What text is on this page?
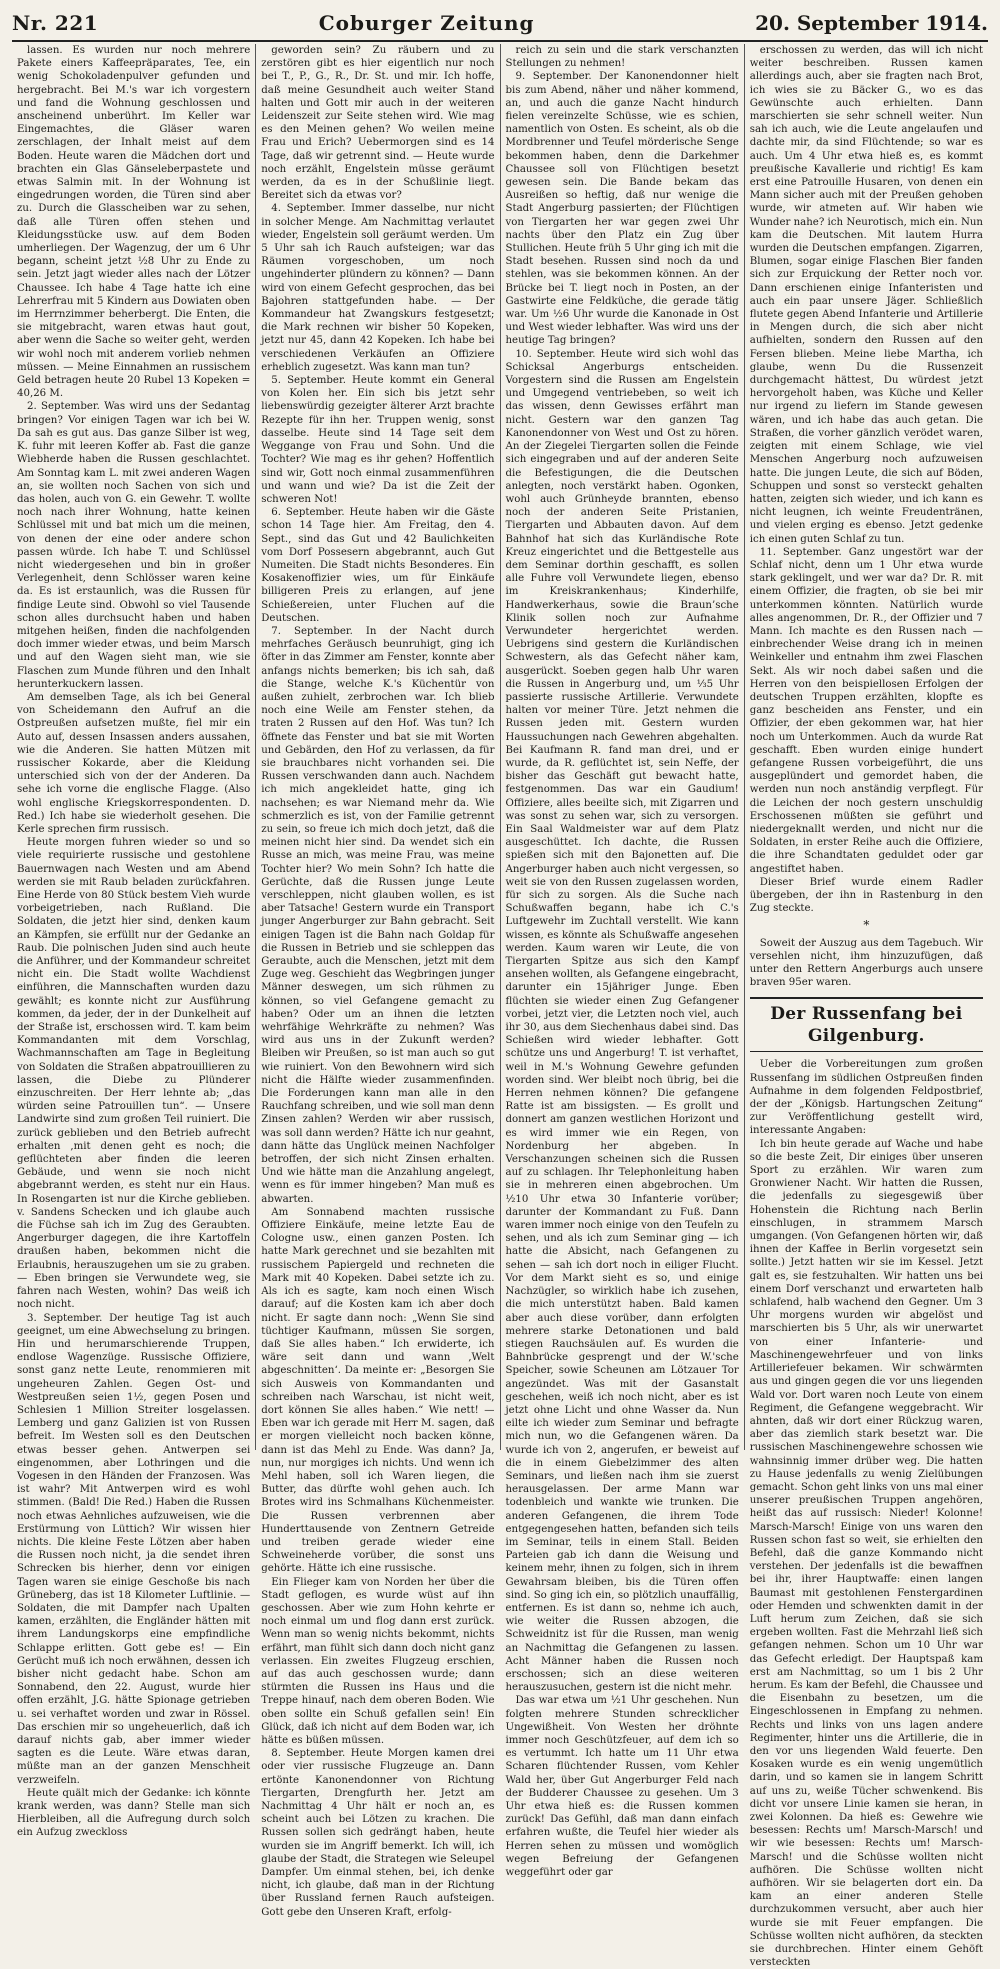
Nr. 221	Coburger Zeitung	20. September 1914.

lassen. Es wurden nur noch mehrere Pakete einers Kaffeepräparates, Tee, ein wenig Schokoladenpulver gefunden und hergebracht. Bei M.'s war ich vorgestern und fand die Wohnung geschlossen und anscheinend unberührt. Im Keller war Eingemachtes, die Gläser waren zerschlagen, der Inhalt meist auf dem Boden. Heute waren die Mädchen dort und brachten ein Glas Gänseleberpastete und etwas Salmin mit. In der Wohnung ist eingedrungen worden, die Türen sind aber zu. Durch die Glasscheiben war zu sehen, daß alle Türen offen stehen und Kleidungsstücke usw. auf dem Boden umherliegen. Der Wagenzug, der um 6 Uhr begann, scheint jetzt ½8 Uhr zu Ende zu sein. Jetzt jagt wieder alles nach der Lötzer Chaussee. Ich habe 4 Tage hatte ich eine Lehrerfrau mit 5 Kindern aus Dowiaten oben im Herrnzimmer beherbergt. Die Enten, die sie mitgebracht, waren etwas haut gout, aber wenn die Sache so weiter geht, werden wir wohl noch mit anderem vorlieb nehmen müssen. — Meine Einnahmen an russischem Geld betragen heute 20 Rubel 13 Kopeken = 40,26 M.

2. September. Was wird uns der Sedantag bringen? Vor einigen Tagen war ich bei W. Da sah es gut aus. Das ganze Silber ist weg, K. fuhr mit leeren Koffer ab. Fast die ganze Wiebherde haben die Russen geschlachtet. Am Sonntag kam L. mit zwei anderen Wagen an, sie wollten noch Sachen von sich und das holen, auch von G. ein Gewehr. T. wollte noch nach ihrer Wohnung, hatte keinen Schlüssel mit und bat mich um die meinen, von denen der eine oder andere schon passen würde. Ich habe T. und Schlüssel nicht wiedergesehen und bin in großer Verlegenheit, denn Schlösser waren keine da. Es ist erstaunlich, was die Russen für findige Leute sind. Obwohl so viel Tausende schon alles durchsucht haben und haben mitgehen heißen, finden die nachfolgenden doch immer wieder etwas, und beim Marsch und auf den Wagen sieht man, wie sie Flaschen zum Munde führen und den Inhalt herunterkuckern lassen.

Am demselben Tage, als ich bei General von Scheidemann den Aufruf an die Ostpreußen aufsetzen mußte, fiel mir ein Auto auf, dessen Insassen anders aussahen, wie die Anderen. Sie hatten Mützen mit russischer Kokarde, aber die Kleidung unterschied sich von der der Anderen. Da sehe ich vorne die englische Flagge. (Also wohl englische Kriegskorrespondenten. D. Red.) Ich habe sie wiederholt gesehen. Die Kerle sprechen firm russisch.

Heute morgen fuhren wieder so und so viele requirierte russische und gestohlene Bauernwagen nach Westen und am Abend werden sie mit Raub beladen zurückfahren. Eine Herde von 80 Stück bestem Vieh wurde vorbeigetrieben, nach Rußland. Die Soldaten, die jetzt hier sind, denken kaum an Kämpfen, sie erfüllt nur der Gedanke an Raub. Die polnischen Juden sind auch heute die Anführer, und der Kommandeur schreitet nicht ein. Die Stadt wollte Wachdienst einführen, die Mannschaften wurden dazu gewählt; es konnte nicht zur Ausführung kommen, da jeder, der in der Dunkelheit auf der Straße ist, erschossen wird. T. kam beim Kommandanten mit dem Vorschlag, Wachmannschaften am Tage in Begleitung von Soldaten die Straßen abpatrouillieren zu lassen, die Diebe zu Plünderer einzuschreiten. Der Herr lehnte ab; „das würden seine Patrouillen tun“. — Unsere Landwirte sind zum großen Teil ruiniert. Die zurück geblieben und den Betrieb aufrecht erhalten ,mit denen geht es noch; die geflüchteten aber finden die leeren Gebäude, und wenn sie noch nicht abgebrannt werden, es steht nur ein Haus. In Rosengarten ist nur die Kirche geblieben. v. Sandens Schecken und ich glaube auch die Füchse sah ich im Zug des Geraubten. Angerburger dagegen, die ihre Kartoffeln draußen haben, bekommen nicht die Erlaubnis, herauszugehen um sie zu graben. — Eben bringen sie Verwundete weg, sie fahren nach Westen, wohin? Das weiß ich noch nicht.

3. September. Der heutige Tag ist auch geeignet, um eine Abwechselung zu bringen. Hin und herumarschierende Truppen, endlose Wagenzüge. Russische Offiziere, sonst ganz nette Leute, renommieren mit ungeheuren Zahlen. Gegen Ost- und Westpreußen seien 1½, gegen Posen und Schlesien 1 Million Streiter losgelassen. Lemberg und ganz Galizien ist von Russen befreit. Im Westen soll es den Deutschen etwas besser gehen. Antwerpen sei eingenommen, aber Lothringen und die Vogesen in den Händen der Franzosen. Was ist wahr? Mit Antwerpen wird es wohl stimmen. (Bald! Die Red.) Haben die Russen noch etwas Aehnliches aufzuweisen, wie die Erstürmung von Lüttich? Wir wissen hier nichts. Die kleine Feste Lötzen aber haben die Russen noch nicht, ja die sendet ihren Schrecken bis hierher, denn vor einigen Tagen waren sie einige Geschoße bis nach Grüneberg, das ist 18 Kilometer Luftlinie. — Soldaten, die mit Dampfer nach Upalten kamen, erzählten, die Engländer hätten mit ihrem Landungskorps eine empfindliche Schlappe erlitten. Gott gebe es! — Ein Gerücht muß ich noch erwähnen, dessen ich bisher nicht gedacht habe. Schon am Sonnabend, den 22. August, wurde hier offen erzählt, J.G. hätte Spionage getrieben u. sei verhaftet worden und zwar in Rössel. Das erschien mir so ungeheuerlich, daß ich darauf nichts gab, aber immer wieder sagten es die Leute. Wäre etwas daran, müßte man an der ganzen Menschheit verzweifeln.

Heute quält mich der Gedanke: ich könnte krank werden, was dann? Stelle man sich Hierbleiben, all die Aufregung durch solch ein Aufzug zweckloss

geworden sein? Zu räubern und zu zerstören gibt es hier eigentlich nur noch bei T., P., G., R., Dr. St. und mir. Ich hoffe, daß meine Gesundheit auch weiter Stand halten und Gott mir auch in der weiteren Leidenszeit zur Seite stehen wird. Wie mag es den Meinen gehen? Wo weilen meine Frau und Erich? Uebermorgen sind es 14 Tage, daß wir getrennt sind. — Heute wurde noch erzählt, Engelstein müsse geräumt werden, da es in der Schußlinie liegt. Bereitet sich da etwas vor?

4. September. Immer dasselbe, nur nicht in solcher Menge. Am Nachmittag verlautet wieder, Engelstein soll geräumt werden. Um 5 Uhr sah ich Rauch aufsteigen; war das Räumen vorgeschoben, um noch ungehinderter plündern zu können? — Dann wird von einem Gefecht gesprochen, das bei Bajohren stattgefunden habe. — Der Kommandeur hat Zwangskurs festgesetzt; die Mark rechnen wir bisher 50 Kopeken, jetzt nur 45, dann 42 Kopeken. Ich habe bei verschiedenen Verkäufen an Offiziere erheblich zugesetzt. Was kann man tun?

5. September. Heute kommt ein General von Kolen her. Ein sich bis jetzt sehr liebenswürdig gezeigter älterer Arzt brachte Rezepte für ihn her. Truppen wenig, sonst dasselbe. Heute sind 14 Tage seit dem Weggange von Frau und Sohn. Und die Tochter? Wie mag es ihr gehen? Hoffentlich sind wir, Gott noch einmal zusammenführen und wann und wie? Da ist die Zeit der schweren Not!

6. September. Heute haben wir die Gäste schon 14 Tage hier. Am Freitag, den 4. Sept., sind das Gut und 42 Baulichkeiten vom Dorf Possesern abgebrannt, auch Gut Numeiten. Die Stadt nichts Besonderes. Ein Kosakenoffizier wies, um für Einkäufe billigeren Preis zu erlangen, auf jene Schießereien, unter Fluchen auf die Deutschen.

7. September. In der Nacht durch mehrfaches Geräusch beunruhigt, ging ich öfter in das Zimmer am Fenster, konnte aber anfangs nichts bemerken; bis ich sah, daß die Stange, welche K.'s Küchentür von außen zuhielt, zerbrochen war. Ich blieb noch eine Weile am Fenster stehen, da traten 2 Russen auf den Hof. Was tun? Ich öffnete das Fenster und bat sie mit Worten und Gebärden, den Hof zu verlassen, da für sie brauchbares nicht vorhanden sei. Die Russen verschwanden dann auch. Nachdem ich mich angekleidet hatte, ging ich nachsehen; es war Niemand mehr da. Wie schmerzlich es ist, von der Familie getrennt zu sein, so freue ich mich doch jetzt, daß die meinen nicht hier sind. Da wendet sich ein Russe an mich, was meine Frau, was meine Tochter hier? Wo mein Sohn? Ich hatte die Gerüchte, daß die Russen junge Leute verschleppen, nicht glauben wollen, es ist aber Tatsache! Gestern wurde ein Transport junger Angerburger zur Bahn gebracht. Seit einigen Tagen ist die Bahn nach Goldap für die Russen in Betrieb und sie schleppen das Geraubte, auch die Menschen, jetzt mit dem Zuge weg. Geschieht das Wegbringen junger Männer deswegen, um sich rühmen zu können, so viel Gefangene gemacht zu haben? Oder um an ihnen die letzten wehrfähige Wehrkräfte zu nehmen? Was wird aus uns in der Zukunft werden? Bleiben wir Preußen, so ist man auch so gut wie ruiniert. Von den Bewohnern wird sich nicht die Hälfte wieder zusammenfinden. Die Forderungen kann man alle in den Rauchfang schreiben, und wie soll man denn Zinsen zahlen? Werden wir aber russisch, was soll dann werden? Hätte ich nur geahnt, dann hätte das Unglück meinen Nachfolger betroffen, der sich nicht Zinsen erhalten. Und wie hätte man die Anzahlung angelegt, wenn es für immer hingeben? Man muß es abwarten.

Am Sonnabend machten russische Offiziere Einkäufe, meine letzte Eau de Cologne usw., einen ganzen Posten. Ich hatte Mark gerechnet und sie bezahlten mit russischem Papiergeld und rechneten die Mark mit 40 Kopeken. Dabei setzte ich zu. Als ich es sagte, kam noch einen Wisch darauf; auf die Kosten kam ich aber doch nicht. Er sagte dann noch: „Wenn Sie sind tüchtiger Kaufmann, müssen Sie sorgen, daß Sie alles haben.“ Ich erwiderte, ich wäre seit dann und wann ‚Welt abgeschnitten‘. Da meinte er: „Besorgen Sie sich Ausweis von Kommandanten und schreiben nach Warschau, ist nicht weit, dort können Sie alles haben.“ Wie nett! — Eben war ich gerade mit Herr M. sagen, daß er morgen vielleicht noch backen könne, dann ist das Mehl zu Ende. Was dann? Ja, nun, nur morgiges ich nichts. Und wenn ich Mehl haben, soll ich Waren liegen, die Butter, das dürfte wohl gehen auch. Ich Brotes wird ins Schmalhans Küchenmeister. Die Russen verbrennen aber Hunderttausende von Zentnern Getreide und treiben gerade wieder eine Schweineherde vorüber, die sonst uns gehörte. Hätte ich eine russische.

Ein Flieger kam von Norden her über die Stadt geflogen, es wurde wüst auf ihn geschossen. Aber wie zum Hohn kehrte er noch einmal um und flog dann erst zurück. Wenn man so wenig nichts bekommt, nichts erfährt, man fühlt sich dann doch nicht ganz verlassen. Ein zweites Flugzeug erschien, auf das auch geschossen wurde; dann stürmten die Russen ins Haus und die Treppe hinauf, nach dem oberen Boden. Wie oben sollte ein Schuß gefallen sein! Ein Glück, daß ich nicht auf dem Boden war, ich hätte es büßen müssen.

8. September. Heute Morgen kamen drei oder vier russische Flugzeuge an. Dann ertönte Kanonendonner von Richtung Tiergarten, Drengfurth her. Jetzt am Nachmittag 4 Uhr hält er noch an, es scheint auch bei Lötzen zu krachen. Die Russen sollen sich gedrängt haben, heute wurden sie im Angriff bemerkt. Ich will, ich glaube der Stadt, die Strategen wie Seleupel Dampfer. Um einmal stehen, bei, ich denke nicht, ich glaube, daß man in der Richtung über Russland fernen Rauch aufsteigen. Gott gebe den Unseren Kraft, erfolg-

reich zu sein und die stark verschanzten Stellungen zu nehmen!

9. September. Der Kanonendonner hielt bis zum Abend, näher und näher kommend, an, und auch die ganze Nacht hindurch fielen vereinzelte Schüsse, wie es schien, namentlich von Osten. Es scheint, als ob die Mordbrenner und Teufel mörderische Senge bekommen haben, denn die Darkehmer Chaussee soll von Flüchtigen besetzt gewesen sein. Die Bande bekam das Ausreißen so heftig, daß nur wenige die Stadt Angerburg passierten; der Flüchtigen von Tiergarten her war gegen zwei Uhr nachts über den Platz ein Zug über Stullichen. Heute früh 5 Uhr ging ich mit die Stadt besehen. Russen sind noch da und stehlen, was sie bekommen können. An der Brücke bei T. liegt noch in Posten, an der Gastwirte eine Feldküche, die gerade tätig war. Um ½6 Uhr wurde die Kanonade in Ost und West wieder lebhafter. Was wird uns der heutige Tag bringen?

10. September. Heute wird sich wohl das Schicksal Angerburgs entscheiden. Vorgestern sind die Russen am Engelstein und Umgegend ventriebeben, so weit ich das wissen, denn Gewisses erfährt man nicht. Gestern war den ganzen Tag Kanonendonner von West und Ost zu hören. An der Ziegelei Tiergarten sollen die Feinde sich eingegraben und auf der anderen Seite die Befestigungen, die die Deutschen anlegten, noch verstärkt haben. Ogonken, wohl auch Grünheyde brannten, ebenso noch der anderen Seite Pristanien, Tiergarten und Abbauten davon. Auf dem Bahnhof hat sich das Kurländische Rote Kreuz eingerichtet und die Bettgestelle aus dem Seminar dorthin geschafft, es sollen alle Fuhre voll Verwundete liegen, ebenso im Kreiskrankenhaus; Kinderhilfe, Handwerkerhaus, sowie die Braun’sche Klinik sollen noch zur Aufnahme Verwundeter hergerichtet werden. Uebrigens sind gestern die Kurländischen Schwestern, als das Gefecht näher kam, ausgerückt. Soeben gegen halb Uhr waren die Russen in Angerburg und, um ⅓5 Uhr passierte russische Artillerie. Verwundete halten vor meiner Türe. Jetzt nehmen die Russen jeden mit. Gestern wurden Haussuchungen nach Gewehren abgehalten. Bei Kaufmann R. fand man drei, und er wurde, da R. geflüchtet ist, sein Neffe, der bisher das Geschäft gut bewacht hatte, festgenommen. Das war ein Gaudium! Offiziere, alles beeilte sich, mit Zigarren und was sonst zu sehen war, sich zu versorgen. Ein Saal Waldmeister war auf dem Platz ausgeschüttet. Ich dachte, die Russen spießen sich mit den Bajonetten auf. Die Angerburger haben auch nicht vergessen, so weit sie von den Russen zugelassen worden, für sich zu sorgen. Als die Suche nach Schußwaffen begann, habe ich C.'s Luftgewehr im Zuchtall verstellt. Wie kann wissen, es könnte als Schußwaffe angesehen werden. Kaum waren wir Leute, die von Tiergarten Spitze aus sich den Kampf ansehen wollten, als Gefangene eingebracht, darunter ein 15jähriger Junge. Eben flüchten sie wieder einen Zug Gefangener vorbei, jetzt vier, die Letzten noch viel, auch ihr 30, aus dem Siechenhaus dabei sind. Das Schießen wird wieder lebhafter. Gott schütze uns und Angerburg! T. ist verhaftet, weil in M.'s Wohnung Gewehre gefunden worden sind. Wer bleibt noch übrig, bei die Herren nehmen können? Die gefangene Ratte ist am bissigsten. — Es grollt und donnert am ganzen westlichen Horizont und es wird immer wie ein Regen, von Nordenburg her abgeben. In Verschanzungen scheinen sich die Russen auf zu schlagen. Ihr Telephonleitung haben sie in mehreren einen abgebrochen. Um ½10 Uhr etwa 30 Infanterie vorüber; darunter der Kommandant zu Fuß. Dann waren immer noch einige von den Teufeln zu sehen, und als ich zum Seminar ging — ich hatte die Absicht, nach Gefangenen zu sehen — sah ich dort noch in eiliger Flucht. Vor dem Markt sieht es so, und einige Nachzügler, so wirklich habe ich zusehen, die mich unterstützt haben. Bald kamen aber auch diese vorüber, dann erfolgten mehrere starke Detonationen und bald stiegen Rauchsäulen auf. Es wurden die Bahnbrücke gesprengt und der W.'sche Speicher, sowie Scheunen am Lötzauer Tor angezündet. Was mit der Gasanstalt geschehen, weiß ich noch nicht, aber es ist jetzt ohne Licht und ohne Wasser da. Nun eilte ich wieder zum Seminar und befragte mich nun, wo die Gefangenen wären. Da wurde ich von 2, angerufen, er beweist auf die in einem Giebelzimmer des alten Seminars, und ließen nach ihm sie zuerst herausgelassen. Der arme Mann war todenbleich und wankte wie trunken. Die anderen Gefangenen, die ihrem Tode entgegengesehen hatten, befanden sich teils im Seminar, teils in einem Stall. Beiden Parteien gab ich dann die Weisung und keinem mehr, ihnen zu folgen, sich in ihrem Gewahrsam bleiben, bis die Türen offen sind. So ging ich ein, so plötzlich unauffällig, entfernen. Es ist dann so, nehme ich auch, wie weiter die Russen abzogen, die Schweidnitz ist für die Russen, man wenig an Nachmittag die Gefangenen zu lassen. Acht Männer haben die Russen noch erschossen; sich an diese weiteren herauszusuchen, gestern ist die nicht mehr.

Das war etwa um ½1 Uhr geschehen. Nun folgten mehrere Stunden schrecklicher Ungewißheit. Von Westen her dröhnte immer noch Geschützfeuer, auf dem ich so es vertummt. Ich hatte um 11 Uhr etwa Scharen flüchtender Russen, vom Kehler Wald her, über Gut Angerburger Feld nach der Budderer Chaussee zu gesehen. Um 3 Uhr etwa hieß es: die Russen kommen zurück! Das Gefühl, daß man dann einfach erfahren wußte, die Teufel hier wieder als Herren sehen zu müssen und womöglich wegen Befreiung der Gefangenen weggeführt oder gar

erschossen zu werden, das will ich nicht weiter beschreiben. Russen kamen allerdings auch, aber sie fragten nach Brot, ich wies sie zu Bäcker G., wo es das Gewünschte auch erhielten. Dann marschierten sie sehr schnell weiter. Nun sah ich auch, wie die Leute angelaufen und dachte mir, da sind Flüchtende; so war es auch. Um 4 Uhr etwa hieß es, es kommt preußische Kavallerie und richtig! Es kam erst eine Patrouille Husaren, von denen ein Mann sicher auch mit der Preußen gehoben wurde, wir atmeten auf. Wir haben wie Wunder nahe? ich Neurotisch, mich ein. Nun kam die Deutschen. Mit lautem Hurra wurden die Deutschen empfangen. Zigarren, Blumen, sogar einige Flaschen Bier fanden sich zur Erquickung der Retter noch vor. Dann erschienen einige Infanteristen und auch ein paar unsere Jäger. Schließlich flutete gegen Abend Infanterie und Artillerie in Mengen durch, die sich aber nicht aufhielten, sondern den Russen auf den Fersen blieben. Meine liebe Martha, ich glaube, wenn Du die Russenzeit durchgemacht hättest, Du würdest jetzt hervorgeholt haben, was Küche und Keller nur irgend zu liefern im Stande gewesen wären, und ich habe das auch getan. Die Straßen, die vorher gänzlich verödet waren, zeigten mit einem Schlage, wie viel Menschen Angerburg noch aufzuweisen hatte. Die jungen Leute, die sich auf Böden, Schuppen und sonst so versteckt gehalten hatten, zeigten sich wieder, und ich kann es nicht leugnen, ich weinte Freudentränen, und vielen erging es ebenso. Jetzt gedenke ich einen guten Schlaf zu tun.

11. September. Ganz ungestört war der Schlaf nicht, denn um 1 Uhr etwa wurde stark geklingelt, und wer war da? Dr. R. mit einem Offizier, die fragten, ob sie bei mir unterkommen könnten. Natürlich wurde alles angenommen, Dr. R., der Offizier und 7 Mann. Ich machte es den Russen nach — einbrechender Weise drang ich in meinen Weinkeller und entnahm ihm zwei Flaschen Sekt. Als wir noch dabei saßen und die Herren von den beispiellosen Erfolgen der deutschen Truppen erzählten, klopfte es ganz bescheiden ans Fenster, und ein Offizier, der eben gekommen war, hat hier noch um Unterkommen. Auch da wurde Rat geschafft. Eben wurden einige hundert gefangene Russen vorbeigeführt, die uns ausgeplündert und gemordet haben, die werden nun noch anständig verpflegt. Für die Leichen der noch gestern unschuldig Erschossenen müßten sie geführt und niedergeknallt werden, und nicht nur die Soldaten, in erster Reihe auch die Offiziere, die ihre Schandtaten geduldet oder gar angestiftet haben.

Dieser Brief wurde einem Radler übergeben, der ihn in Rastenburg in den Zug steckte.

*

Soweit der Auszug aus dem Tagebuch. Wir versehlen nicht, ihm hinzuzufügen, daß unter den Rettern Angerburgs auch unsere braven 95er waren.

Der Russenfang bei Gilgenburg.

Ueber die Vorbereitungen zum großen Russenfang im südlichen Ostpreußen finden Aufnahme in dem folgenden Feldpostbrief, der der „Königsb. Hartungschen Zeitung“ zur Veröffentlichung gestellt wird, interessante Angaben:

Ich bin heute gerade auf Wache und habe so die beste Zeit, Dir einiges über unseren Sport zu erzählen. Wir waren zum Gronwiener Nacht. Wir hatten die Russen, die jedenfalls zu siegesgewiß über Hohenstein die Richtung nach Berlin einschlugen, in strammem Marsch umgangen. (Von Gefangenen hörten wir, daß ihnen der Kaffee in Berlin vorgesetzt sein sollte.) Jetzt hatten wir sie im Kessel. Jetzt galt es, sie festzuhalten. Wir hatten uns bei einem Dorf verschanzt und erwarteten halb schlafend, halb wachend den Gegner. Um 3 Uhr morgens wurden wir abgelöst und marschierten bis 5 Uhr, als wir unerwartet von einer Infanterie- und Maschinengewehrfeuer und von links Artilleriefeuer bekamen. Wir schwärmten aus und gingen gegen die vor uns liegenden Wald vor. Dort waren noch Leute von einem Regiment, die Gefangene weggebracht. Wir ahnten, daß wir dort einer Rückzug waren, aber das ziemlich stark besetzt war. Die russischen Maschinengewehre schossen wie wahnsinnig immer drüber weg. Die hatten zu Hause jedenfalls zu wenig Zielübungen gemacht. Schon geht links von uns mal einer unserer preußischen Truppen angehören, heißt das auf russisch: Nieder! Kolonne! Marsch-Marsch! Einige von uns waren den Russen schon fast so weit, sie erhielten den Befehl, daß die ganze Kommando nicht verstehen. Der jedenfalls ist die bewaffnen bei ihr, ihrer Hauptwaffe: einen langen Baumast mit gestohlenen Fenstergardinen oder Hemden und schwenkten damit in der Luft herum zum Zeichen, daß sie sich ergeben wollten. Fast die Mehrzahl ließ sich gefangen nehmen. Schon um 10 Uhr war das Gefecht erledigt. Der Hauptspaß kam erst am Nachmittag, so um 1 bis 2 Uhr herum. Es kam der Befehl, die Chaussee und die Eisenbahn zu besetzen, um die Eingeschlossenen in Empfang zu nehmen. Rechts und links von uns lagen andere Regimenter, hinter uns die Artillerie, die in den vor uns liegenden Wald feuerte. Den Kosaken wurde es ein wenig ungemütlich darin, und so kamen sie in langem Schritt auf uns zu, weiße Tücher schwenkend. Bis dicht vor unsere Linie kamen sie heran, in zwei Kolonnen. Da hieß es: Gewehre wie besessen: Rechts um! Marsch-Marsch! und wir wie besessen: Rechts um! Marsch-Marsch! und die Schüsse wollten nicht aufhören. Die Schüsse wollten nicht aufhören. Wir sie belagerten dort ein. Da kam an einer anderen Stelle durchzukommen versucht, aber auch hier wurde sie mit Feuer empfangen. Die Schüsse wollten nicht aufhören, da steckten sie durchbrechen. Hinter einem Gehöft versteckten
